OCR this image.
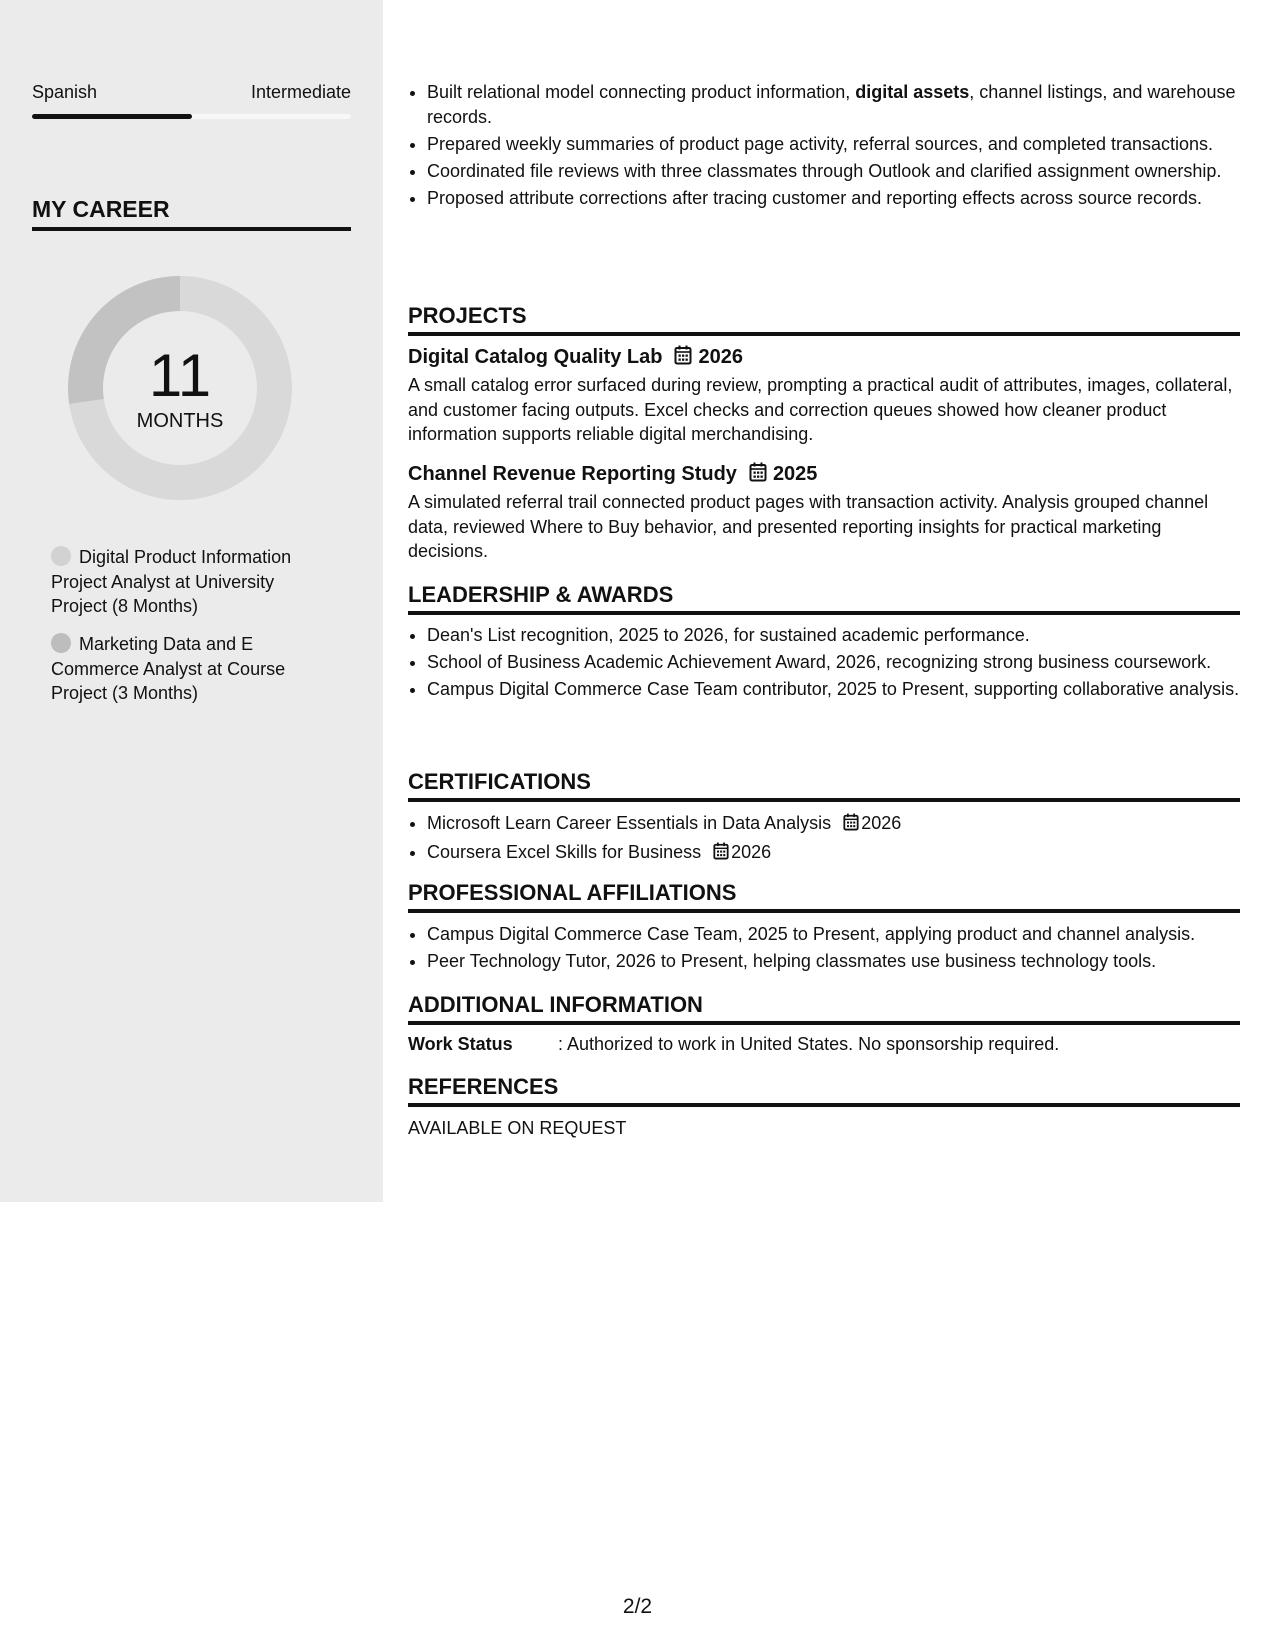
Spanish	Intermediate
MY CAREER
11
MONTHS
Digital Product Information Project Analyst at University Project (8 Months)
Marketing Data and E Commerce Analyst at Course Project (3 Months)
• Built relational model connecting product information, digital assets, channel listings, and warehouse records.
• Prepared weekly summaries of product page activity, referral sources, and completed transactions.
• Coordinated file reviews with three classmates through Outlook and clarified assignment ownership.
• Proposed attribute corrections after tracing customer and reporting effects across source records.
PROJECTS
Digital Catalog Quality Lab 2026
A small catalog error surfaced during review, prompting a practical audit of attributes, images, collateral, and customer facing outputs. Excel checks and correction queues showed how cleaner product information supports reliable digital merchandising.
Channel Revenue Reporting Study 2025
A simulated referral trail connected product pages with transaction activity. Analysis grouped channel data, reviewed Where to Buy behavior, and presented reporting insights for practical marketing decisions.
LEADERSHIP & AWARDS
• Dean's List recognition, 2025 to 2026, for sustained academic performance.
• School of Business Academic Achievement Award, 2026, recognizing strong business coursework.
• Campus Digital Commerce Case Team contributor, 2025 to Present, supporting collaborative analysis.
CERTIFICATIONS
• Microsoft Learn Career Essentials in Data Analysis 2026
• Coursera Excel Skills for Business 2026
PROFESSIONAL AFFILIATIONS
• Campus Digital Commerce Case Team, 2025 to Present, applying product and channel analysis.
• Peer Technology Tutor, 2026 to Present, helping classmates use business technology tools.
ADDITIONAL INFORMATION
Work Status	: Authorized to work in United States. No sponsorship required.
REFERENCES
AVAILABLE ON REQUEST
2/2
